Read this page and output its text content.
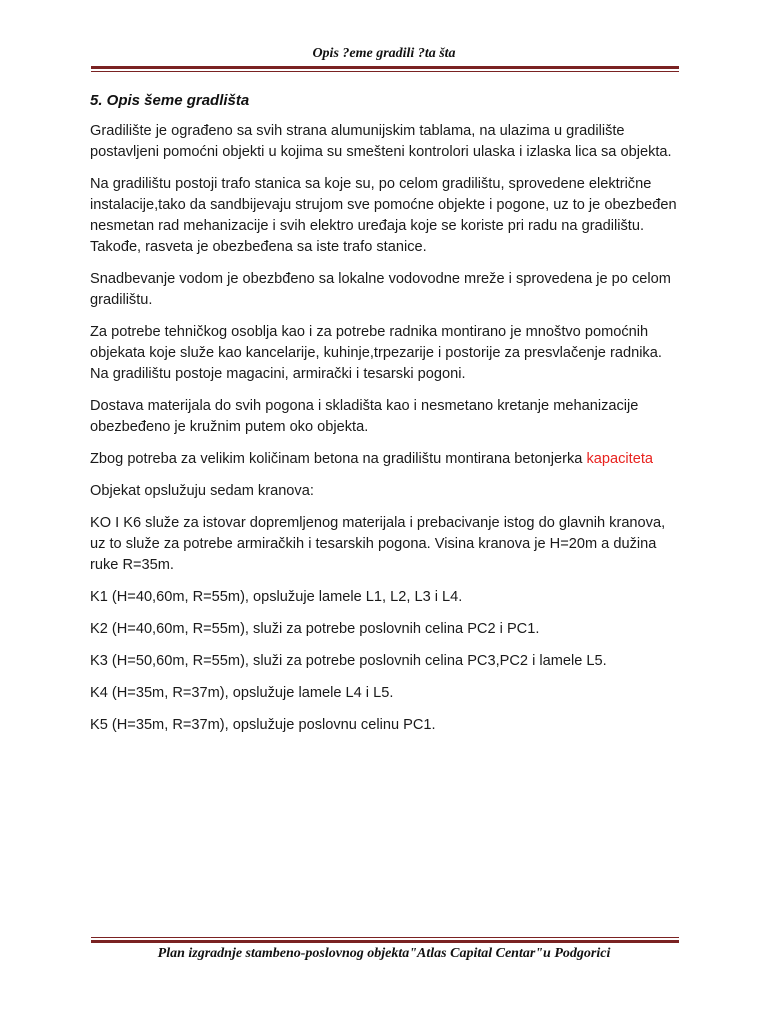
Opis ?eme gradili ?ta šta
5. Opis šeme gradlišta

Gradilište je ograđeno sa svih strana alumunijskim tablama, na ulazima u gradilište postavljeni pomoćni objekti u kojima su smešteni kontrolori ulaska i izlaska lica sa objekta.

Na gradilištu postoji trafo stanica sa koje su, po celom gradilištu, sprovedene električne instalacije,tako da sandbijevaju strujom sve pomoćne objekte i pogone, uz to je obezbeđen nesmetan rad mehanizacije i svih elektro uređaja koje se koriste pri radu na gradilištu. Takođe, rasveta je obezbeđena sa iste trafo stanice.

Snadbevanje vodom je obezbđeno sa lokalne vodovodne mreže i sprovedena je po celom gradilištu.

Za potrebe tehničkog osoblja kao i za potrebe radnika montirano je mnoštvo pomoćnih objekata koje služe kao kancelarije, kuhinje,trpezarije i postorije za presvlačenje radnika. Na gradilištu postoje magacini, armirački i tesarski pogoni.

Dostava materijala do svih pogona i skladišta kao i nesmetano kretanje mehanizacije obezbeđeno je kružnim putem oko objekta.

Zbog potreba za velikim količinam betona na gradilištu montirana betonjerka kapaciteta

Objekat opslužuju sedam kranova:

KO I K6 služe za istovar dopremljenog materijala i prebacivanje istog do glavnih kranova, uz to služe za potrebe armiračkih i tesarskih pogona. Visina kranova je H=20m a dužina ruke R=35m.

K1 (H=40,60m, R=55m), opslužuje lamele L1, L2, L3 i L4.

K2 (H=40,60m, R=55m), služi za potrebe poslovnih celina PC2 i PC1.

K3 (H=50,60m, R=55m), služi za potrebe poslovnih celina PC3,PC2 i lamele L5.

K4 (H=35m, R=37m), opslužuje lamele L4 i L5.

K5 (H=35m, R=37m), opslužuje poslovnu celinu PC1.

Plan izgradnje stambeno-poslovnog objekta"Atlas Capital Centar"u Podgorici
